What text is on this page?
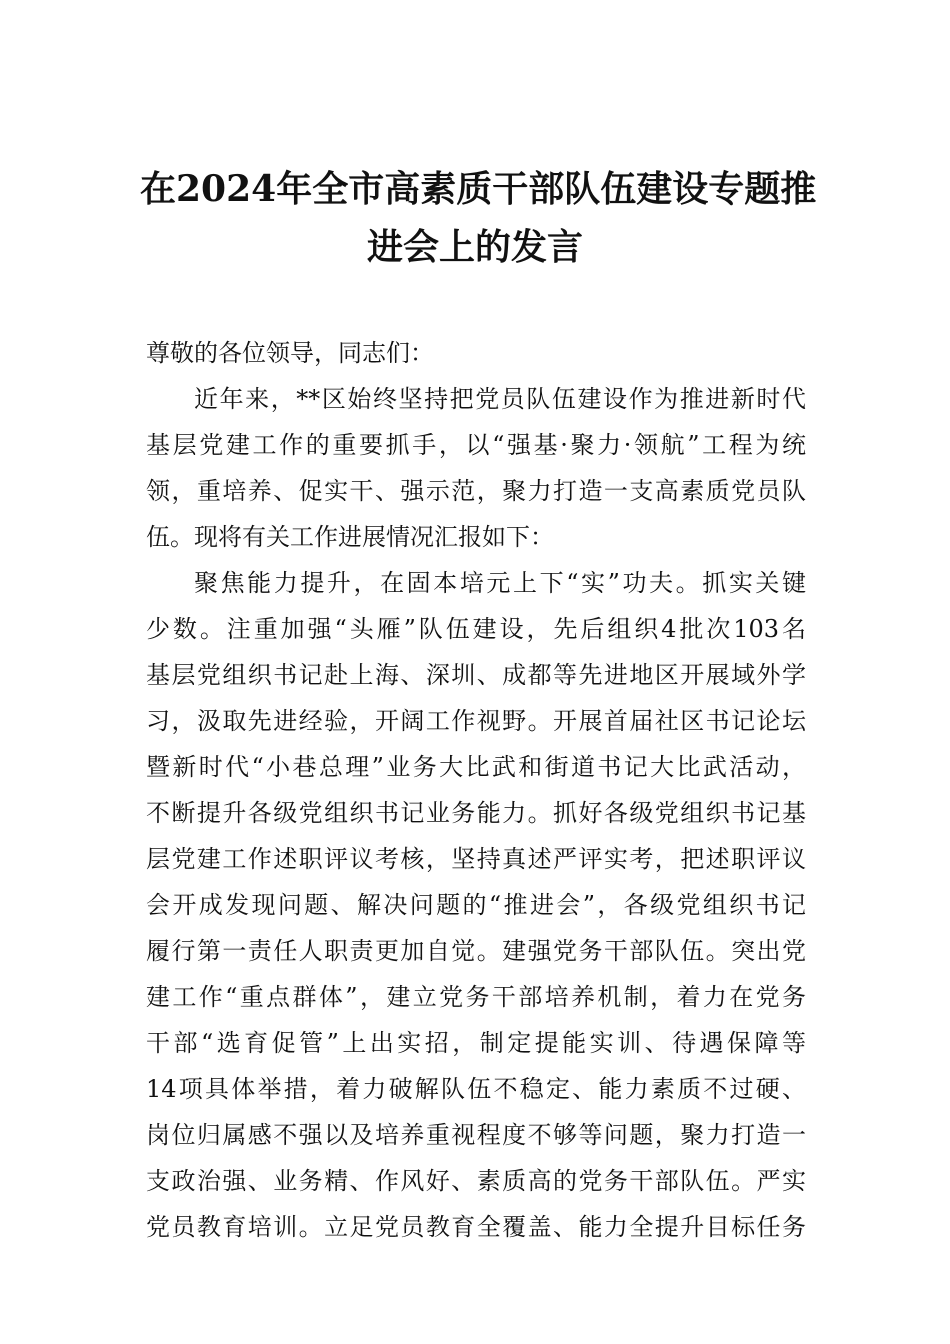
在2024年全市高素质干部队伍建设专题推
进会上的发言
尊敬的各位领导，同志们：
近年来，**区始终坚持把党员队伍建设作为推进新时代
基层党建工作的重要抓手，以“强基·聚力·领航”工程为统
领，重培养、促实干、强示范，聚力打造一支高素质党员队
伍。现将有关工作进展情况汇报如下：
聚焦能力提升，在固本培元上下“实”功夫。抓实关键
少数。注重加强“头雁”队伍建设，先后组织4批次103名
基层党组织书记赴上海、深圳、成都等先进地区开展域外学
习，汲取先进经验，开阔工作视野。开展首届社区书记论坛
暨新时代“小巷总理”业务大比武和街道书记大比武活动，
不断提升各级党组织书记业务能力。抓好各级党组织书记基
层党建工作述职评议考核，坚持真述严评实考，把述职评议
会开成发现问题、解决问题的“推进会”，各级党组织书记
履行第一责任人职责更加自觉。建强党务干部队伍。突出党
建工作“重点群体”，建立党务干部培养机制，着力在党务
干部“选育促管”上出实招，制定提能实训、待遇保障等
14项具体举措，着力破解队伍不稳定、能力素质不过硬、
岗位归属感不强以及培养重视程度不够等问题，聚力打造一
支政治强、业务精、作风好、素质高的党务干部队伍。严实
党员教育培训。立足党员教育全覆盖、能力全提升目标任务
